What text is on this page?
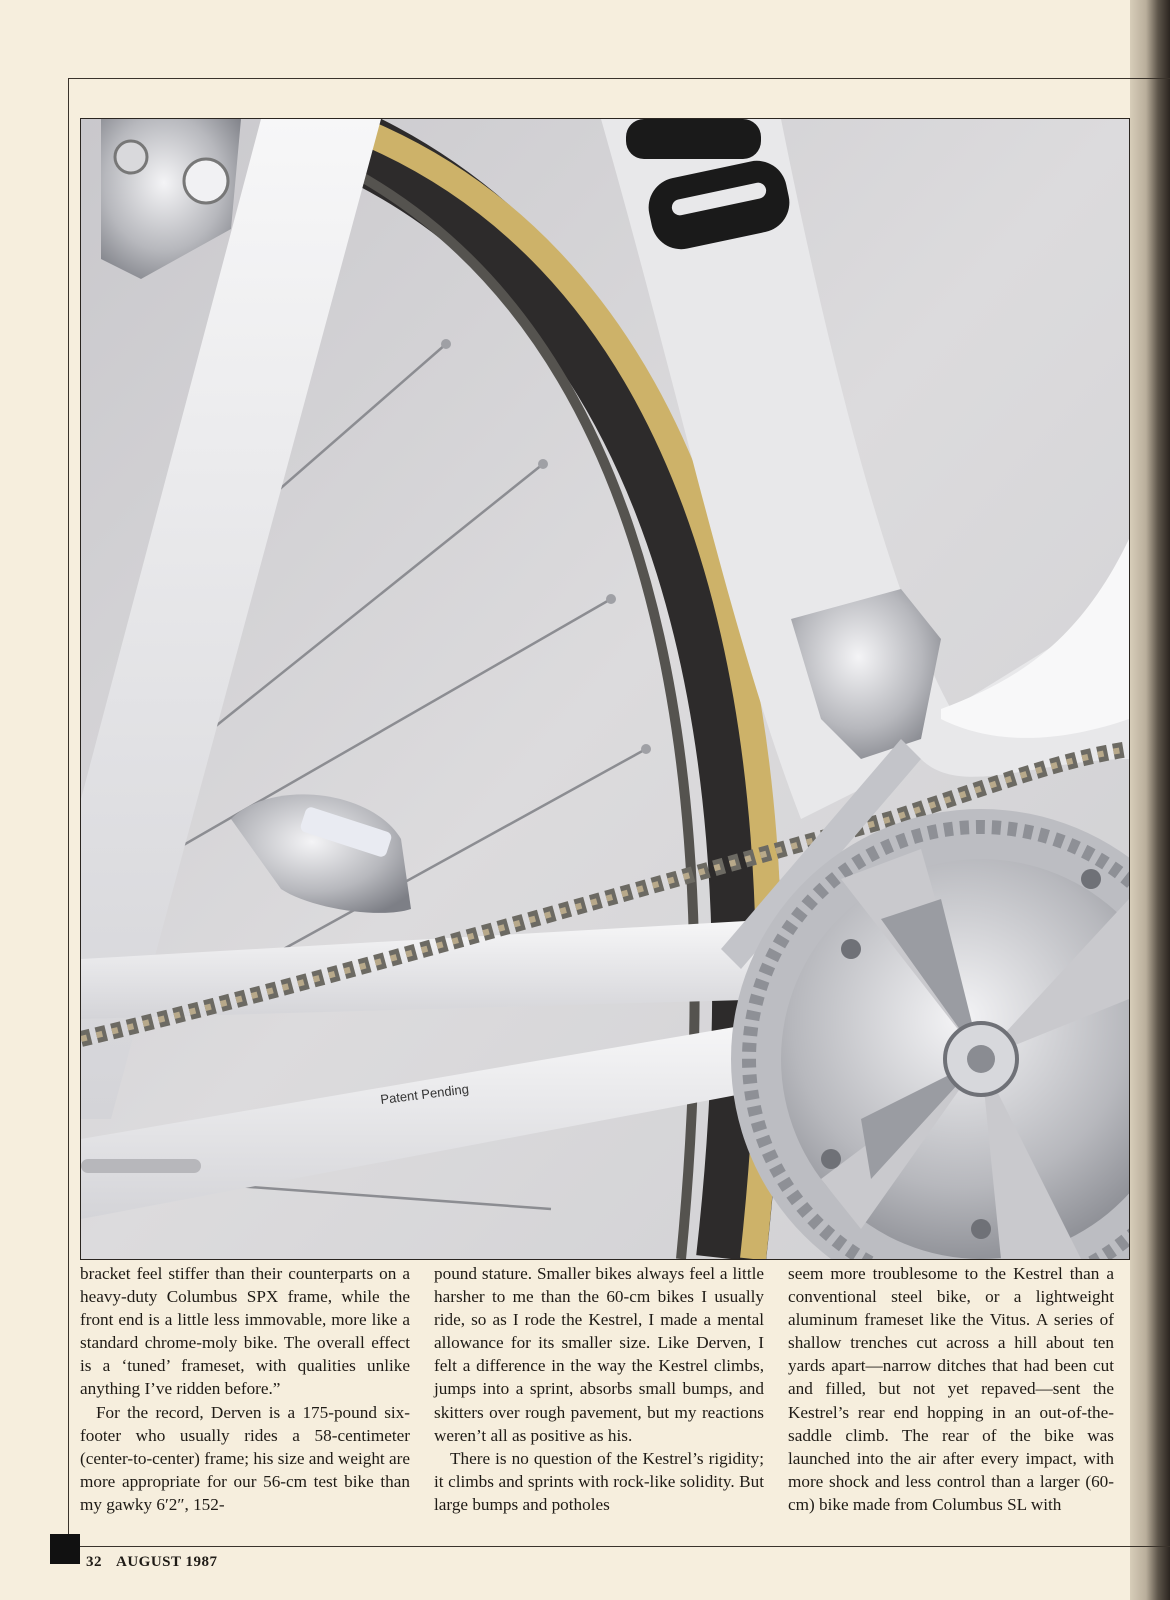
Patent Pending

bracket feel stiffer than their counterparts on a heavy-duty Columbus SPX frame, while the front end is a little less immovable, more like a standard chrome-moly bike. The overall effect is a ‘tuned’ frameset, with qualities unlike anything I’ve ridden before.”

For the record, Derven is a 175-pound six-footer who usually rides a 58-centimeter (center-to-center) frame; his size and weight are more appropriate for our 56-cm test bike than my gawky 6′2″, 152-

pound stature. Smaller bikes always feel a little harsher to me than the 60-cm bikes I usually ride, so as I rode the Kestrel, I made a mental allowance for its smaller size. Like Derven, I felt a difference in the way the Kestrel climbs, jumps into a sprint, absorbs small bumps, and skitters over rough pavement, but my reactions weren’t all as positive as his.

There is no question of the Kestrel’s rigidity; it climbs and sprints with rock-like solidity. But large bumps and potholes

seem more troublesome to the Kestrel than a conventional steel bike, or a lightweight aluminum frameset like the Vitus. A series of shallow trenches cut across a hill about ten yards apart—narrow ditches that had been cut and filled, but not yet repaved—sent the Kestrel’s rear end hopping in an out-of-the-saddle climb. The rear of the bike was launched into the air after every impact, with more shock and less control than a larger (60-cm) bike made from Columbus SL with

32 AUGUST 1987
